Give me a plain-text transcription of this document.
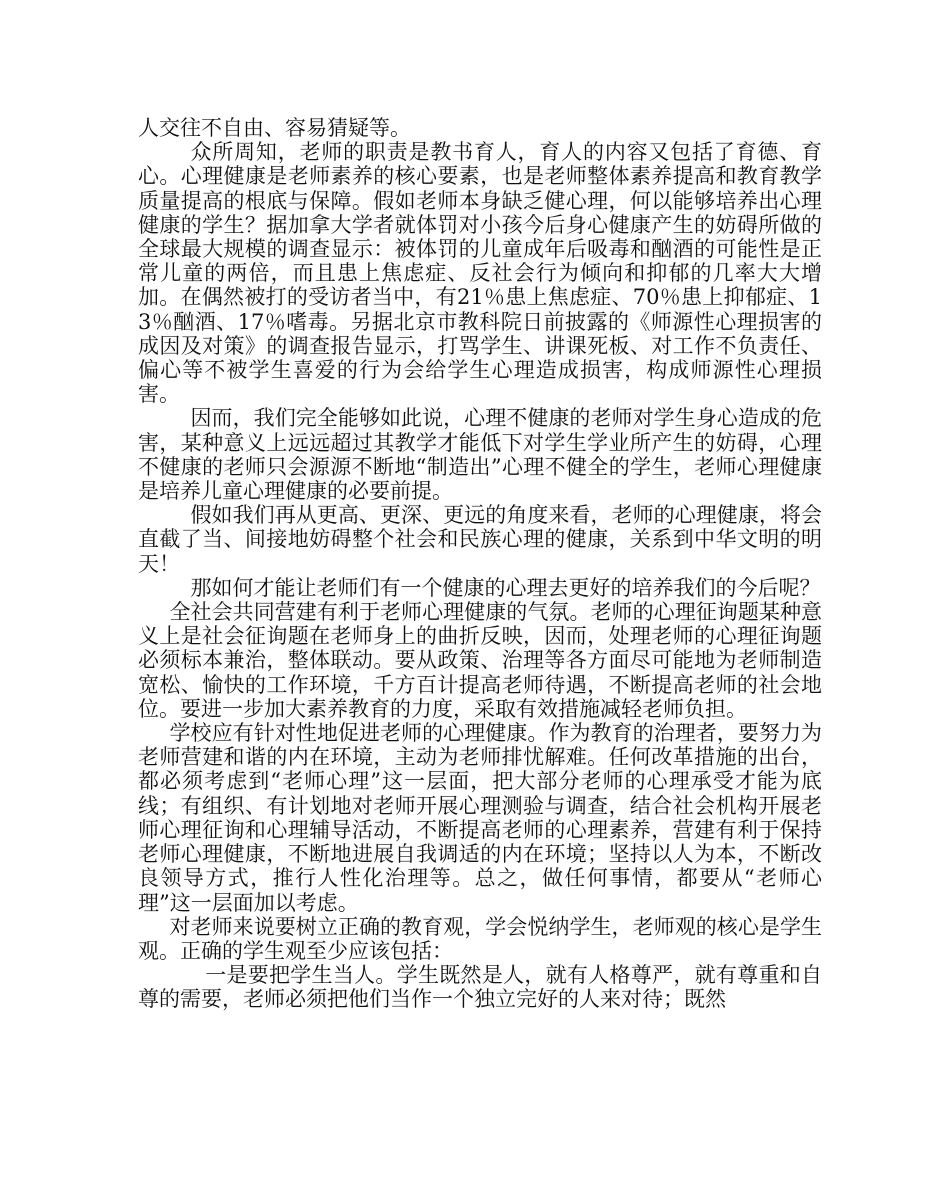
人交往不自由、容易猜疑等。

众所周知，老师的职责是教书育人，育人的内容又包括了育德、育心。心理健康是老师素养的核心要素，也是老师整体素养提高和教育教学质量提高的根底与保障。假如老师本身缺乏健心理，何以能够培养出心理健康的学生？据加拿大学者就体罚对小孩今后身心健康产生的妨碍所做的全球最大规模的调查显示：被体罚的儿童成年后吸毒和酗酒的可能性是正常儿童的两倍，而且患上焦虑症、反社会行为倾向和抑郁的几率大大增加。在偶然被打的受访者当中，有21％患上焦虑症、70％患上抑郁症、13％酗酒、17％嗜毒。另据北京市教科院日前披露的《师源性心理损害的成因及对策》的调查报告显示，打骂学生、讲课死板、对工作不负责任、偏心等不被学生喜爱的行为会给学生心理造成损害，构成师源性心理损害。

因而，我们完全能够如此说，心理不健康的老师对学生身心造成的危害，某种意义上远远超过其教学才能低下对学生学业所产生的妨碍，心理不健康的老师只会源源不断地“制造出”心理不健全的学生，老师心理健康是培养儿童心理健康的必要前提。

假如我们再从更高、更深、更远的角度来看，老师的心理健康，将会直截了当、间接地妨碍整个社会和民族心理的健康，关系到中华文明的明天！

那如何才能让老师们有一个健康的心理去更好的培养我们的今后呢？

全社会共同营建有利于老师心理健康的气氛。老师的心理征询题某种意义上是社会征询题在老师身上的曲折反映，因而，处理老师的心理征询题必须标本兼治，整体联动。要从政策、治理等各方面尽可能地为老师制造宽松、愉快的工作环境，千方百计提高老师待遇，不断提高老师的社会地位。要进一步加大素养教育的力度，采取有效措施减轻老师负担。

学校应有针对性地促进老师的心理健康。作为教育的治理者，要努力为老师营建和谐的内在环境，主动为老师排忧解难。任何改革措施的出台，都必须考虑到“老师心理”这一层面，把大部分老师的心理承受才能为底线；有组织、有计划地对老师开展心理测验与调查，结合社会机构开展老师心理征询和心理辅导活动，不断提高老师的心理素养，营建有利于保持老师心理健康，不断地进展自我调适的内在环境；坚持以人为本，不断改良领导方式，推行人性化治理等。总之，做任何事情，都要从“老师心理”这一层面加以考虑。

对老师来说要树立正确的教育观，学会悦纳学生，老师观的核心是学生观。正确的学生观至少应该包括：

一是要把学生当人。学生既然是人，就有人格尊严，就有尊重和自尊的需要，老师必须把他们当作一个独立完好的人来对待；既然
